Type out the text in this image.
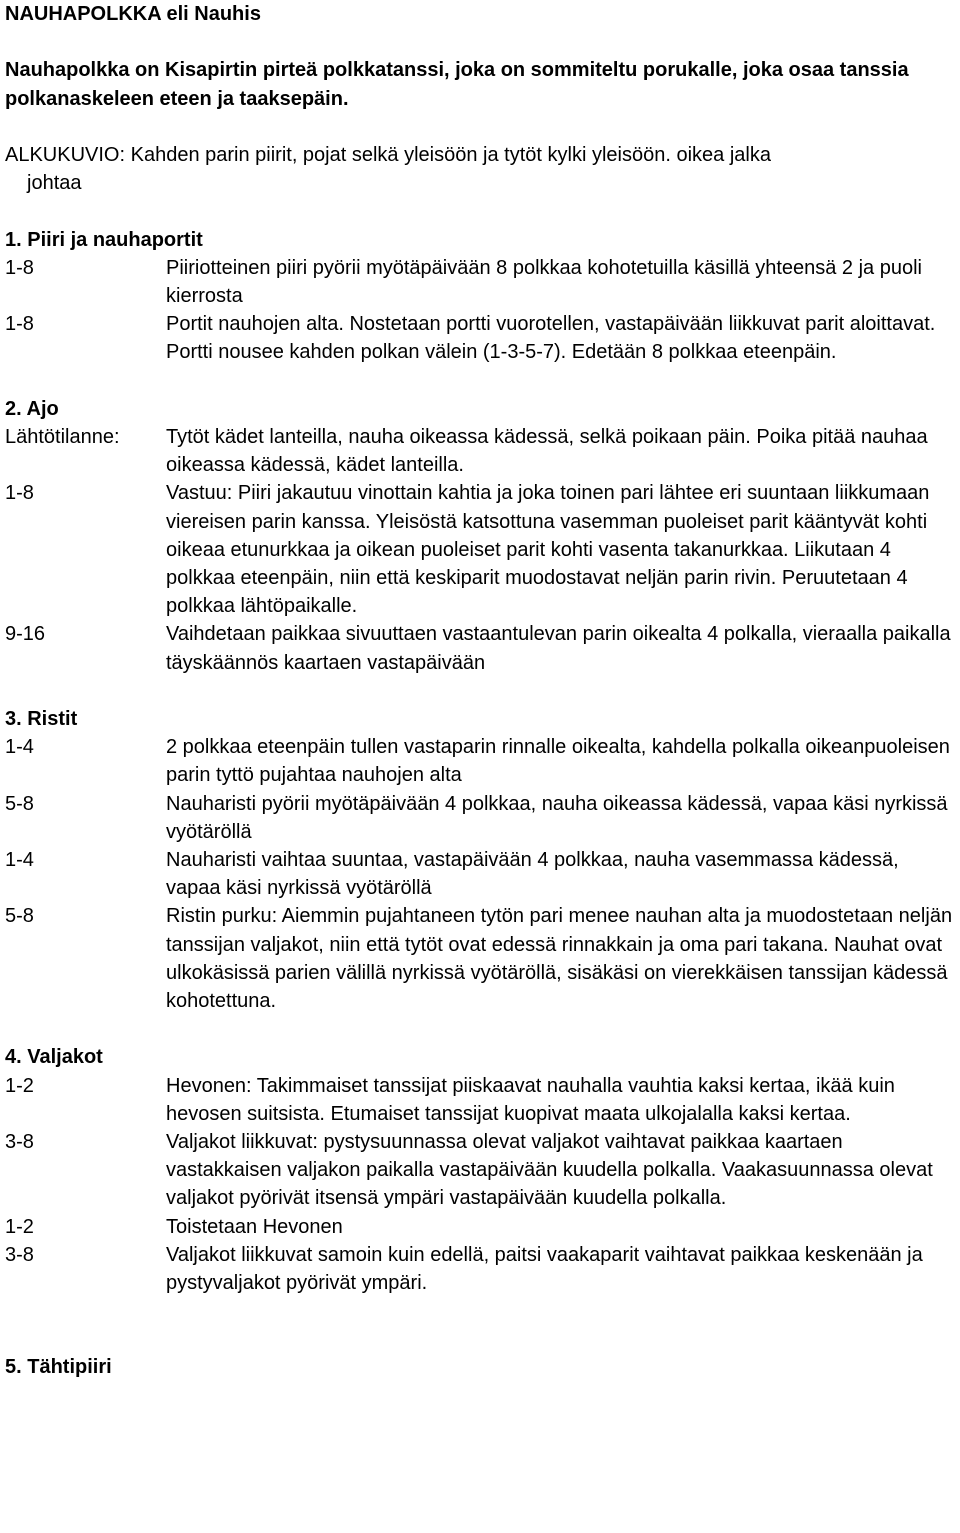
NAUHAPOLKKA eli Nauhis
Nauhapolkka on Kisapirtin pirteä polkkatanssi, joka on sommiteltu porukalle, joka osaa tanssia polkanaskeleen eteen ja taaksepäin.
ALKUKUVIO:
Kahden parin piirit, pojat selkä yleisöön ja tytöt kylki yleisöön. oikea jalka
johtaa
1. Piiri ja nauhaportit
1-8	Piiriotteinen piiri pyörii myötäpäivään 8 polkkaa kohotetuilla käsillä yhteensä 2 ja puoli kierrosta
1-8	Portit nauhojen alta. Nostetaan portti vuorotellen, vastapäivään liikkuvat parit aloittavat. Portti nousee kahden polkan välein (1-3-5-7). Edetään 8 polkkaa eteenpäin.
2. Ajo
Lähtötilanne:	Tytöt kädet lanteilla, nauha oikeassa kädessä, selkä poikaan päin. Poika pitää nauhaa oikeassa kädessä, kädet lanteilla.
1-8	Vastuu: Piiri jakautuu vinottain kahtia ja joka toinen pari lähtee eri suuntaan liikkumaan viereisen parin kanssa. Yleisöstä katsottuna vasemman puoleiset parit kääntyvät kohti oikeaa etunurkkaa ja oikean puoleiset parit kohti vasenta takanurkkaa. Liikutaan 4 polkkaa eteenpäin, niin että keskiparit muodostavat neljän parin rivin. Peruutetaan 4 polkkaa lähtöpaikalle.
9-16	Vaihdetaan paikkaa sivuuttaen vastaantulevan parin oikealta 4 polkalla, vieraalla paikalla täyskäännös kaartaen vastapäivään
3. Ristit
1-4	2 polkkaa eteenpäin tullen vastaparin rinnalle oikealta, kahdella polkalla oikeanpuoleisen parin tyttö pujahtaa nauhojen alta
5-8	Nauharisti pyörii myötäpäivään 4 polkkaa, nauha oikeassa kädessä, vapaa käsi nyrkissä vyötäröllä
1-4	Nauharisti vaihtaa suuntaa, vastapäivään 4 polkkaa, nauha vasemmassa kädessä, vapaa käsi nyrkissä vyötäröllä
5-8	Ristin purku: Aiemmin pujahtaneen tytön pari menee nauhan alta ja muodostetaan neljän tanssijan valjakot, niin että tytöt ovat edessä rinnakkain ja oma pari takana. Nauhat ovat ulkokäsissä parien välillä nyrkissä vyötäröllä, sisäkäsi on vierekkäisen tanssijan kädessä kohotettuna.
4. Valjakot
1-2	Hevonen: Takimmaiset tanssijat piiskaavat nauhalla vauhtia kaksi kertaa, ikää kuin hevosen suitsista. Etumaiset tanssijat kuopivat maata ulkojalalla kaksi kertaa.
3-8	Valjakot liikkuvat: pystysuunnassa olevat valjakot vaihtavat paikkaa kaartaen vastakkaisen valjakon paikalla vastapäivään kuudella polkalla. Vaakasuunnassa olevat valjakot pyörivät itsensä ympäri vastapäivään kuudella polkalla.
1-2	Toistetaan Hevonen
3-8	Valjakot liikkuvat samoin kuin edellä, paitsi vaakaparit vaihtavat paikkaa keskenään ja pystyvaljakot pyörivät ympäri.
5. Tähtipiiri
